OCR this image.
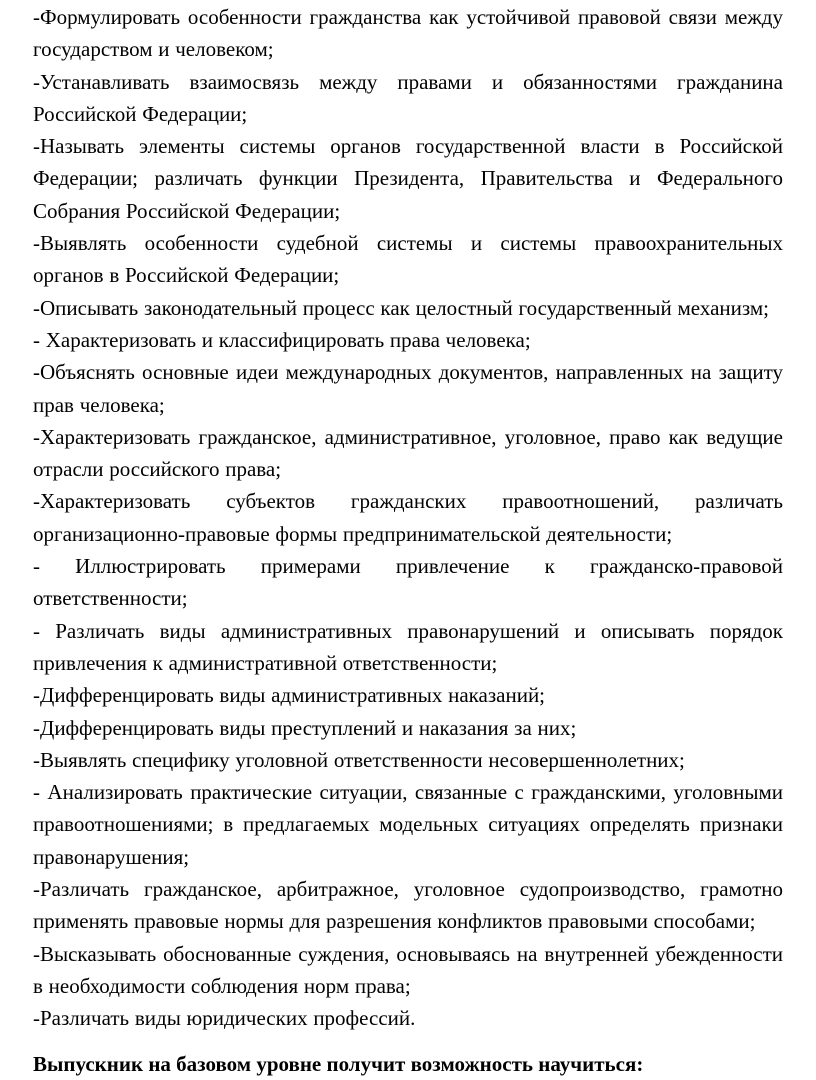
-Формулировать особенности гражданства как устойчивой правовой связи между государством и человеком;

-Устанавливать взаимосвязь между правами и обязанностями гражданина Российской Федерации;

-Называть элементы системы органов государственной власти в Российской Федерации; различать функции Президента, Правительства и Федерального Собрания Российской Федерации;

-Выявлять особенности судебной системы и системы правоохранительных органов в Российской Федерации;

-Описывать законодательный процесс как целостный государственный механизм;

- Характеризовать и классифицировать права человека;

-Объяснять основные идеи международных документов, направленных на защиту прав человека;

-Характеризовать гражданское, административное, уголовное, право как ведущие отрасли российского права;

-Характеризовать субъектов гражданских правоотношений, различать организационно-правовые формы предпринимательской деятельности;

- Иллюстрировать примерами привлечение к гражданско-правовой ответственности;

- Различать виды административных правонарушений и описывать порядок привлечения к административной ответственности;

-Дифференцировать виды административных наказаний;

-Дифференцировать виды преступлений и наказания за них;

-Выявлять специфику уголовной ответственности несовершеннолетних;

- Анализировать практические ситуации, связанные с гражданскими, уголовными правоотношениями; в предлагаемых модельных ситуациях определять признаки правонарушения;

-Различать гражданское, арбитражное, уголовное судопроизводство, грамотно применять правовые нормы для разрешения конфликтов правовыми способами;

-Высказывать обоснованные суждения, основываясь на внутренней убежденности в необходимости соблюдения норм права;

-Различать виды юридических профессий.

Выпускник на базовом уровне получит возможность научиться:
